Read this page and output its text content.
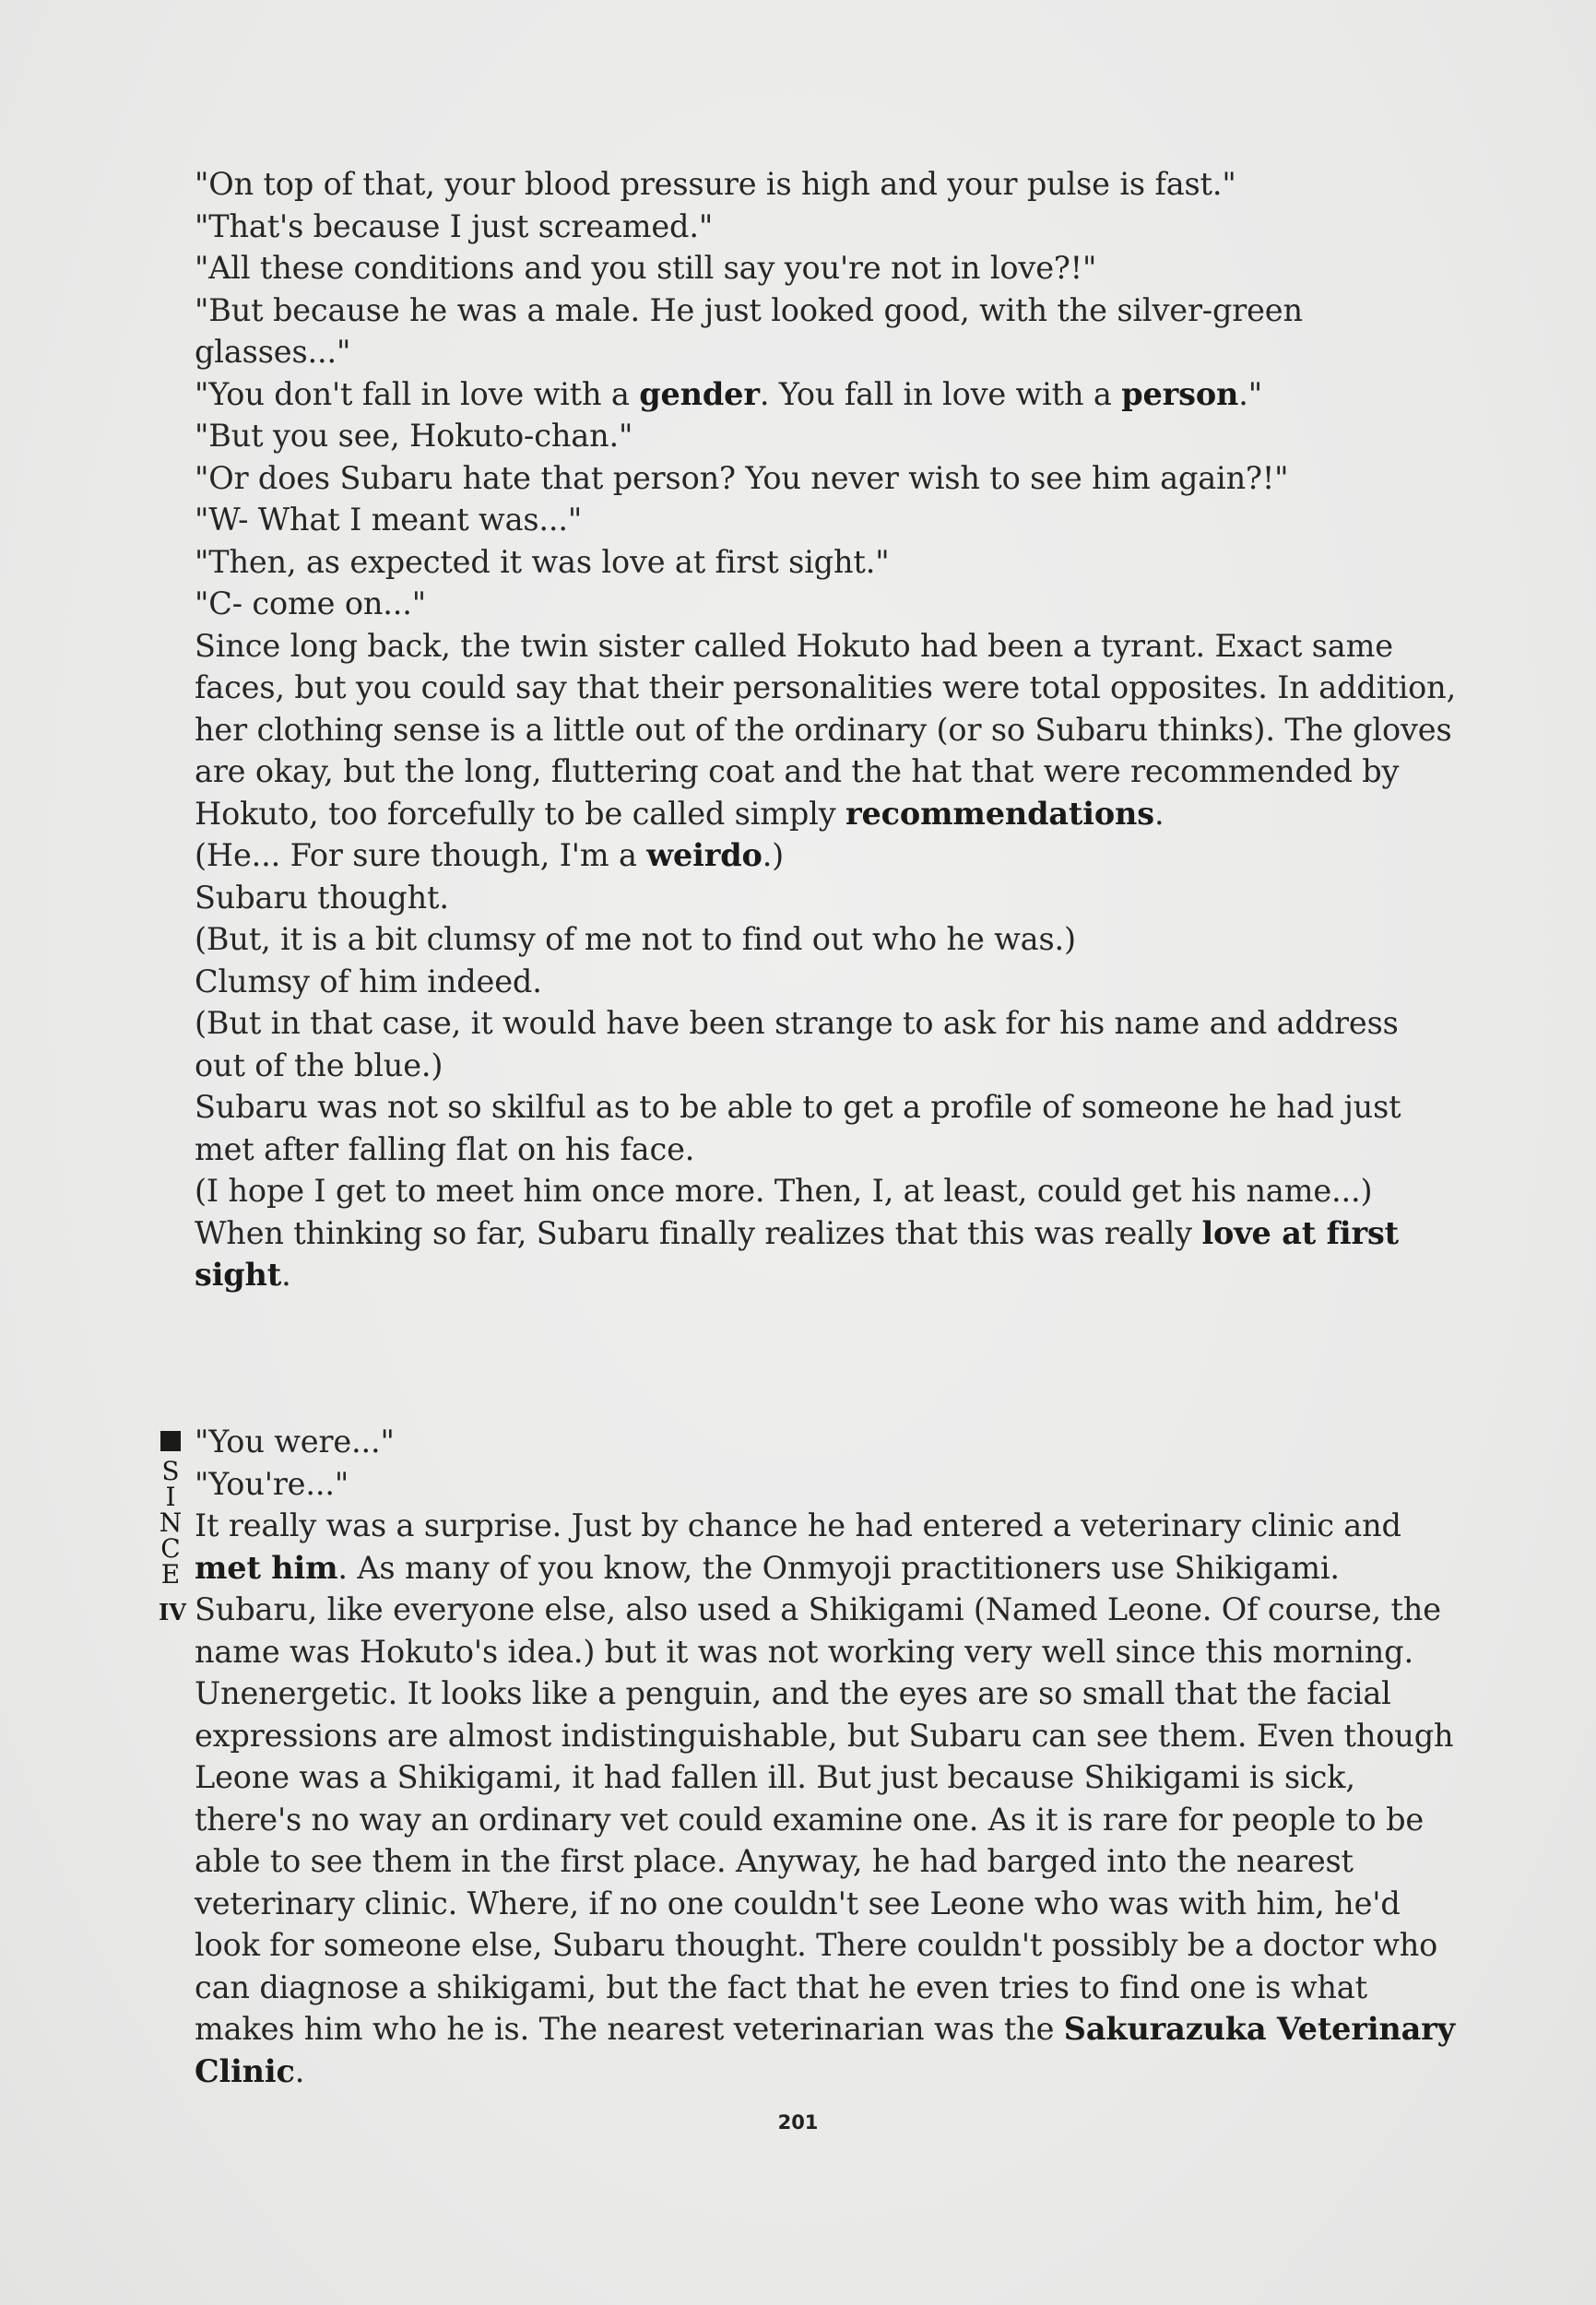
"On top of that, your blood pressure is high and your pulse is fast."

"That's because I just screamed."

"All these conditions and you still say you're not in love?!"

"But because he was a male. He just looked good, with the silver-green glasses..."

"You don't fall in love with a gender. You fall in love with a person."

"But you see, Hokuto-chan."

"Or does Subaru hate that person? You never wish to see him again?!"

"W- What I meant was..."

"Then, as expected it was love at first sight."

"C- come on..."

Since long back, the twin sister called Hokuto had been a tyrant. Exact same faces, but you could say that their personalities were total opposites. In addition, her clothing sense is a little out of the ordinary (or so Subaru thinks). The gloves are okay, but the long, fluttering coat and the hat that were recommended by Hokuto, too forcefully to be called simply recommendations.

(He... For sure though, I'm a weirdo.)

Subaru thought.

(But, it is a bit clumsy of me not to find out who he was.)

Clumsy of him indeed.

(But in that case, it would have been strange to ask for his name and address out of the blue.)

Subaru was not so skilful as to be able to get a profile of someone he had just met after falling flat on his face.

(I hope I get to meet him once more. Then, I, at least, could get his name...)

When thinking so far, Subaru finally realizes that this was really love at first sight.

S
I
N
C
E
IV

"You were..."

"You're..."

It really was a surprise. Just by chance he had entered a veterinary clinic and met him. As many of you know, the Onmyoji practitioners use Shikigami. Subaru, like everyone else, also used a Shikigami (Named Leone. Of course, the name was Hokuto's idea.) but it was not working very well since this morning. Unenergetic. It looks like a penguin, and the eyes are so small that the facial expressions are almost indistinguishable, but Subaru can see them. Even though Leone was a Shikigami, it had fallen ill. But just because Shikigami is sick, there's no way an ordinary vet could examine one. As it is rare for people to be able to see them in the first place. Anyway, he had barged into the nearest veterinary clinic. Where, if no one couldn't see Leone who was with him, he'd look for someone else, Subaru thought. There couldn't possibly be a doctor who can diagnose a shikigami, but the fact that he even tries to find one is what makes him who he is. The nearest veterinarian was the Sakurazuka Veterinary Clinic.

201
